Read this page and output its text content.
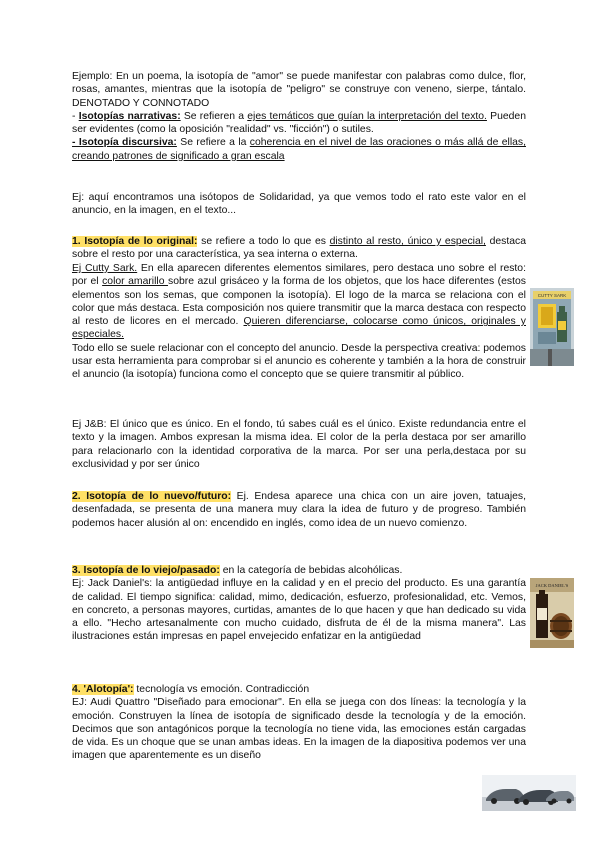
Ejemplo: En un poema, la isotopía de "amor" se puede manifestar con palabras como dulce, flor, rosas, amantes, mientras que la isotopía de "peligro" se construye con veneno, sierpe, tántalo. DENOTADO Y CONNOTADO

- Isotopías narrativas: Se refieren a ejes temáticos que guían la interpretación del texto. Pueden ser evidentes (como la oposición "realidad" vs. "ficción") o sutiles.

- Isotopía discursiva: Se refiere a la coherencia en el nivel de las oraciones o más allá de ellas, creando patrones de significado a gran escala

Ej: aquí encontramos una isótopos de Solidaridad, ya que vemos todo el rato este valor en el anuncio, en la imagen, en el texto...

1. Isotopía de lo original: se refiere a todo lo que es distinto al resto, único y especial, destaca sobre el resto por una característica, ya sea interna o externa.

Ej Cutty Sark. En ella aparecen diferentes elementos similares, pero destaca uno sobre el resto: por el color amarillo sobre azul grisáceo y la forma de los objetos, que los hace diferentes (estos elementos son los semas, que componen la isotopía). El logo de la marca se relaciona con el color que más destaca. Esta composición nos quiere transmitir que la marca destaca con respecto al resto de licores en el mercado. Quieren diferenciarse, colocarse como únicos, originales y especiales.

Todo ello se suele relacionar con el concepto del anuncio. Desde la perspectiva creativa: podemos usar esta herramienta para comprobar si el anuncio es coherente y también a la hora de construir el anuncio (la isotopía) funciona como el concepto que se quiere transmitir al público.

CUTTY SARK

Ej J&B: El único que es único. En el fondo, tú sabes cuál es el único. Existe redundancia entre el texto y la imagen. Ambos expresan la misma idea. El color de la perla destaca por ser amarillo para relacionarlo con la identidad corporativa de la marca. Por ser una perla,destaca por su exclusividad y por ser único

2. Isotopía de lo nuevo/futuro: Ej. Endesa aparece una chica con un aire joven, tatuajes, desenfadada, se presenta de una manera muy clara la idea de futuro y de progreso. También podemos hacer alusión al on: encendido en inglés, como idea de un nuevo comienzo.

3. Isotopía de lo viejo/pasado: en la categoría de bebidas alcohólicas.

Ej: Jack Daniel's: la antigüedad influye en la calidad y en el precio del producto. Es una garantía de calidad. El tiempo significa: calidad, mimo, dedicación, esfuerzo, profesionalidad, etc. Vemos, en concreto, a personas mayores, curtidas, amantes de lo que hacen y que han dedicado su vida a ello. "Hecho artesanalmente con mucho cuidado, disfruta de él de la misma manera". Las ilustraciones están impresas en papel envejecido enfatizar en la antigüedad

JACK DANIEL'S

4. 'Alotopía': tecnología vs emoción. Contradicción

EJ: Audi Quattro "Diseñado para emocionar". En ella se juega con dos líneas: la tecnología y la emoción. Construyen la línea de isotopía de significado desde la tecnología y de la emoción. Decimos que son antagónicos porque la tecnología no tiene vida, las emociones están cargadas de vida. Es un choque que se unan ambas ideas. En la imagen de la diapositiva podemos ver una imagen que aparentemente es un diseño
